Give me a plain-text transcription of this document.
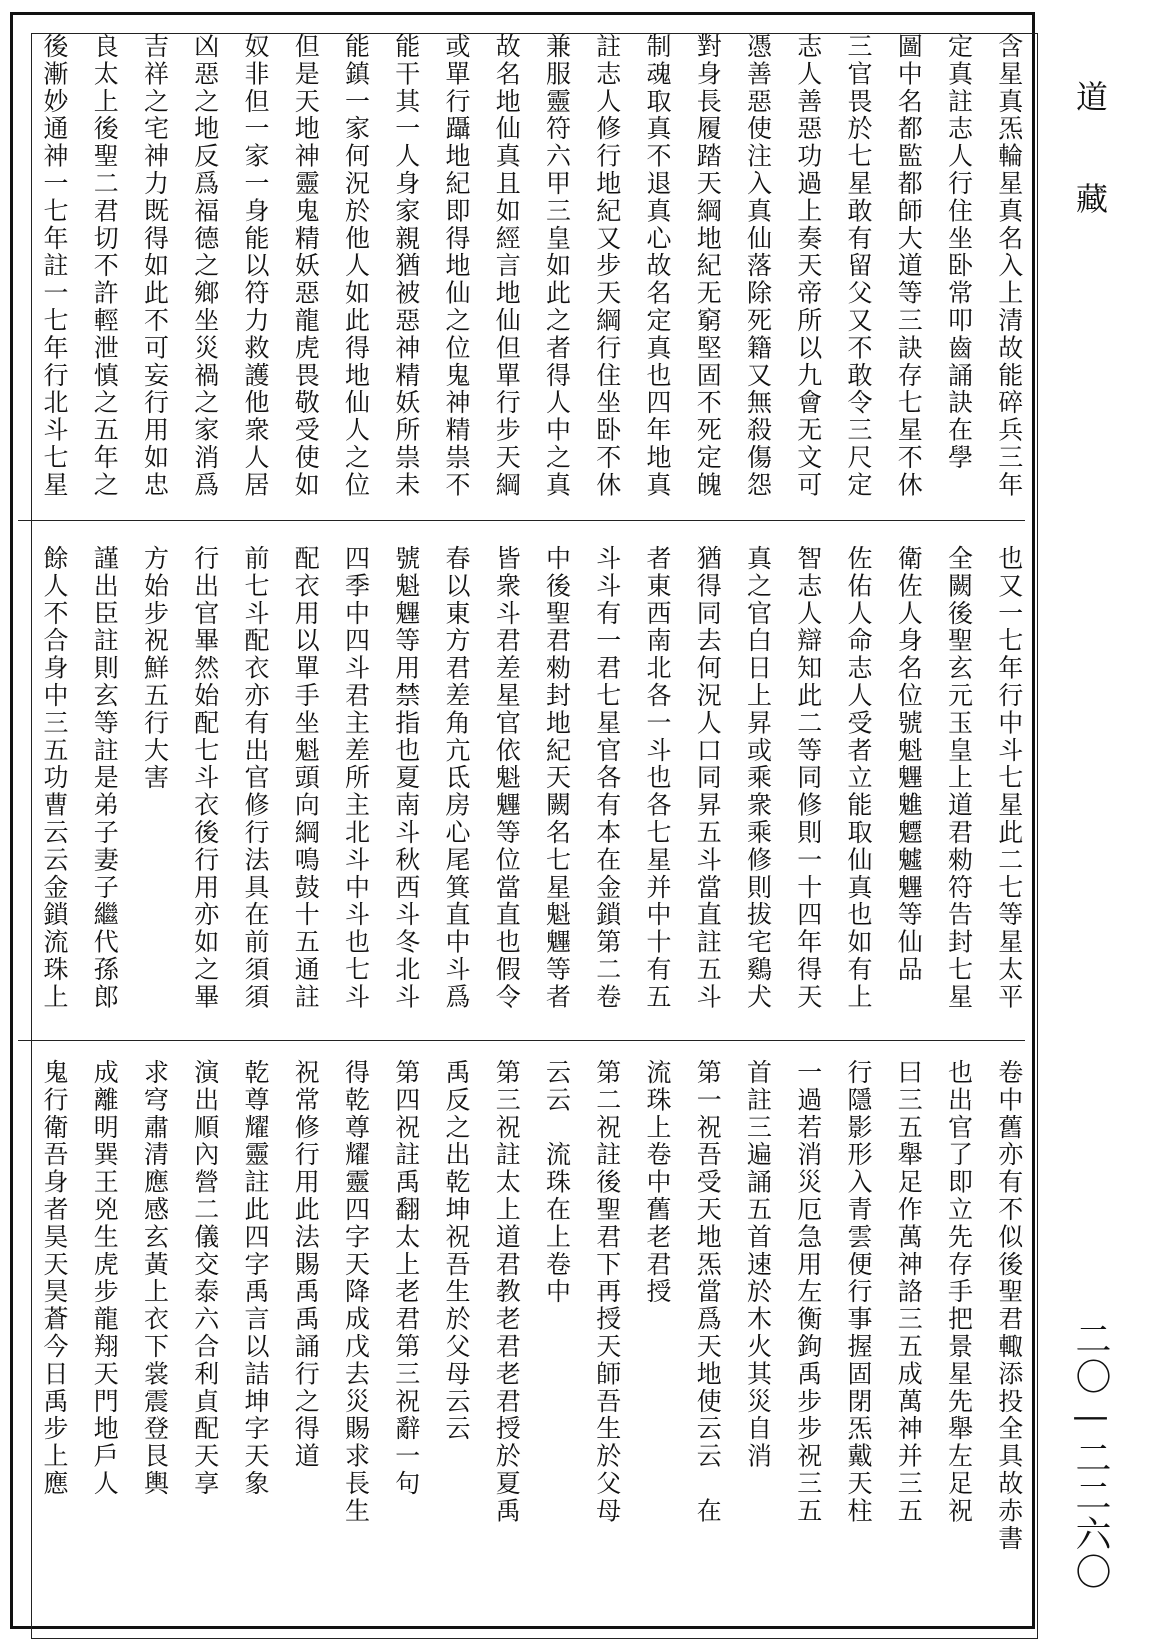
道藏
二〇—二二六〇
含星真炁輪星真名入上清故能碎兵三年
定真註志人行住坐卧常叩齒誦訣在學
圖中名都監都師大道等三訣存七星不休
三官畏於七星敢有留⽗又不敢令三尺定
志人善惡功過上奏天帝所以九會无文可
憑善惡使注入真仙落除死籍又無殺傷怨
對身長履踏天綱地紀无窮堅固不死定魄
制魂取真不退真心故名定真也四年地真
註志人修行地紀又步天綱行住坐卧不休
兼服靈符六甲三皇如此之者得人中之真
故名地仙真且如經言地仙但單行步天綱
或單行躡地紀即得地仙之位鬼神精祟不
能干其一人身家親猶被惡神精妖所祟未
能鎮一家何況於他人如此得地仙人之位
但是天地神靈鬼精妖惡龍虎畏敬受使如
奴非但一家一身能以符力救護他衆人居
凶惡之地反爲福德之鄉坐災禍之家消爲
吉祥之宅神力既得如此不可妄行用如忠
良太上後聖二君切不許輕泄慎之五年之
後漸妙通神一七年註一七年行北斗七星
也又一七年行中斗七星此二七等星太平
全闕後聖玄元玉皇上道君勑符告封七星
衛佐人身名位號魁魓魋魒魖魓等仙品
佐佑人命志人受者立能取仙真也如有上
智志人辯知此二等同修則一十四年得天
真之官白日上昇或乘衆乘修則拔宅鷄犬
猶得同去何況人口同昇五斗當直註五斗
者東西南北各一斗也各七星并中十有五
斗斗有一君七星官各有本在金鎖第二卷
中後聖君勑封地紀天闕名七星魁魓等者
皆衆斗君差星官依魁魓等位當直也假令
春以東方君差角亢氐房心尾箕直中斗爲
號魁魓等用禁指也夏南斗秋西斗冬北斗
四季中四斗君主差所主北斗中斗也七斗
配衣用以單手坐魁頭向綱鳴鼓十五通註
前七斗配衣亦有出官修行法具在前須須
行出官畢然始配七斗衣後行用亦如之畢
方始步祝鮮五行大害
謹出臣註則玄等註是弟子妻子繼代孫郎
餘人不合身中三五功曹云云金鎖流珠上
卷中舊亦有不似後聖君輙添投全具故赤書
也出官了即立先存手把景星先舉左足祝
曰三五舉足作萬神詻三五成萬神并三五
行隱影形入青雲便行事握固閉炁戴天柱
一過若消災厄急用左衡鉤禹步步祝三五
首註三遍誦五首速於木火其災自消
第一祝吾受天地炁當爲天地使云云　在
流珠上卷中舊老君授
第二祝註後聖君下再授天師吾生於父母
云云　流珠在上卷中
第三祝註太上道君教老君老君授於夏禹
禹反之出乾坤祝吾生於父母云云
第四祝註禹翻太上老君第三祝辭一句
得乾尊耀靈四字天降成戊去災賜求長生
祝常修行用此法賜禹禹誦行之得道
乾尊耀靈註此四字禹言以詰坤字天象
演出順內營二儀交泰六合利貞配天享
求穹肅清應感玄黃上衣下裳震登艮輿
成離明巽王兇生虎步龍翔天門地戶人
鬼行衛吾身者昊天昊蒼今日禹步上應
